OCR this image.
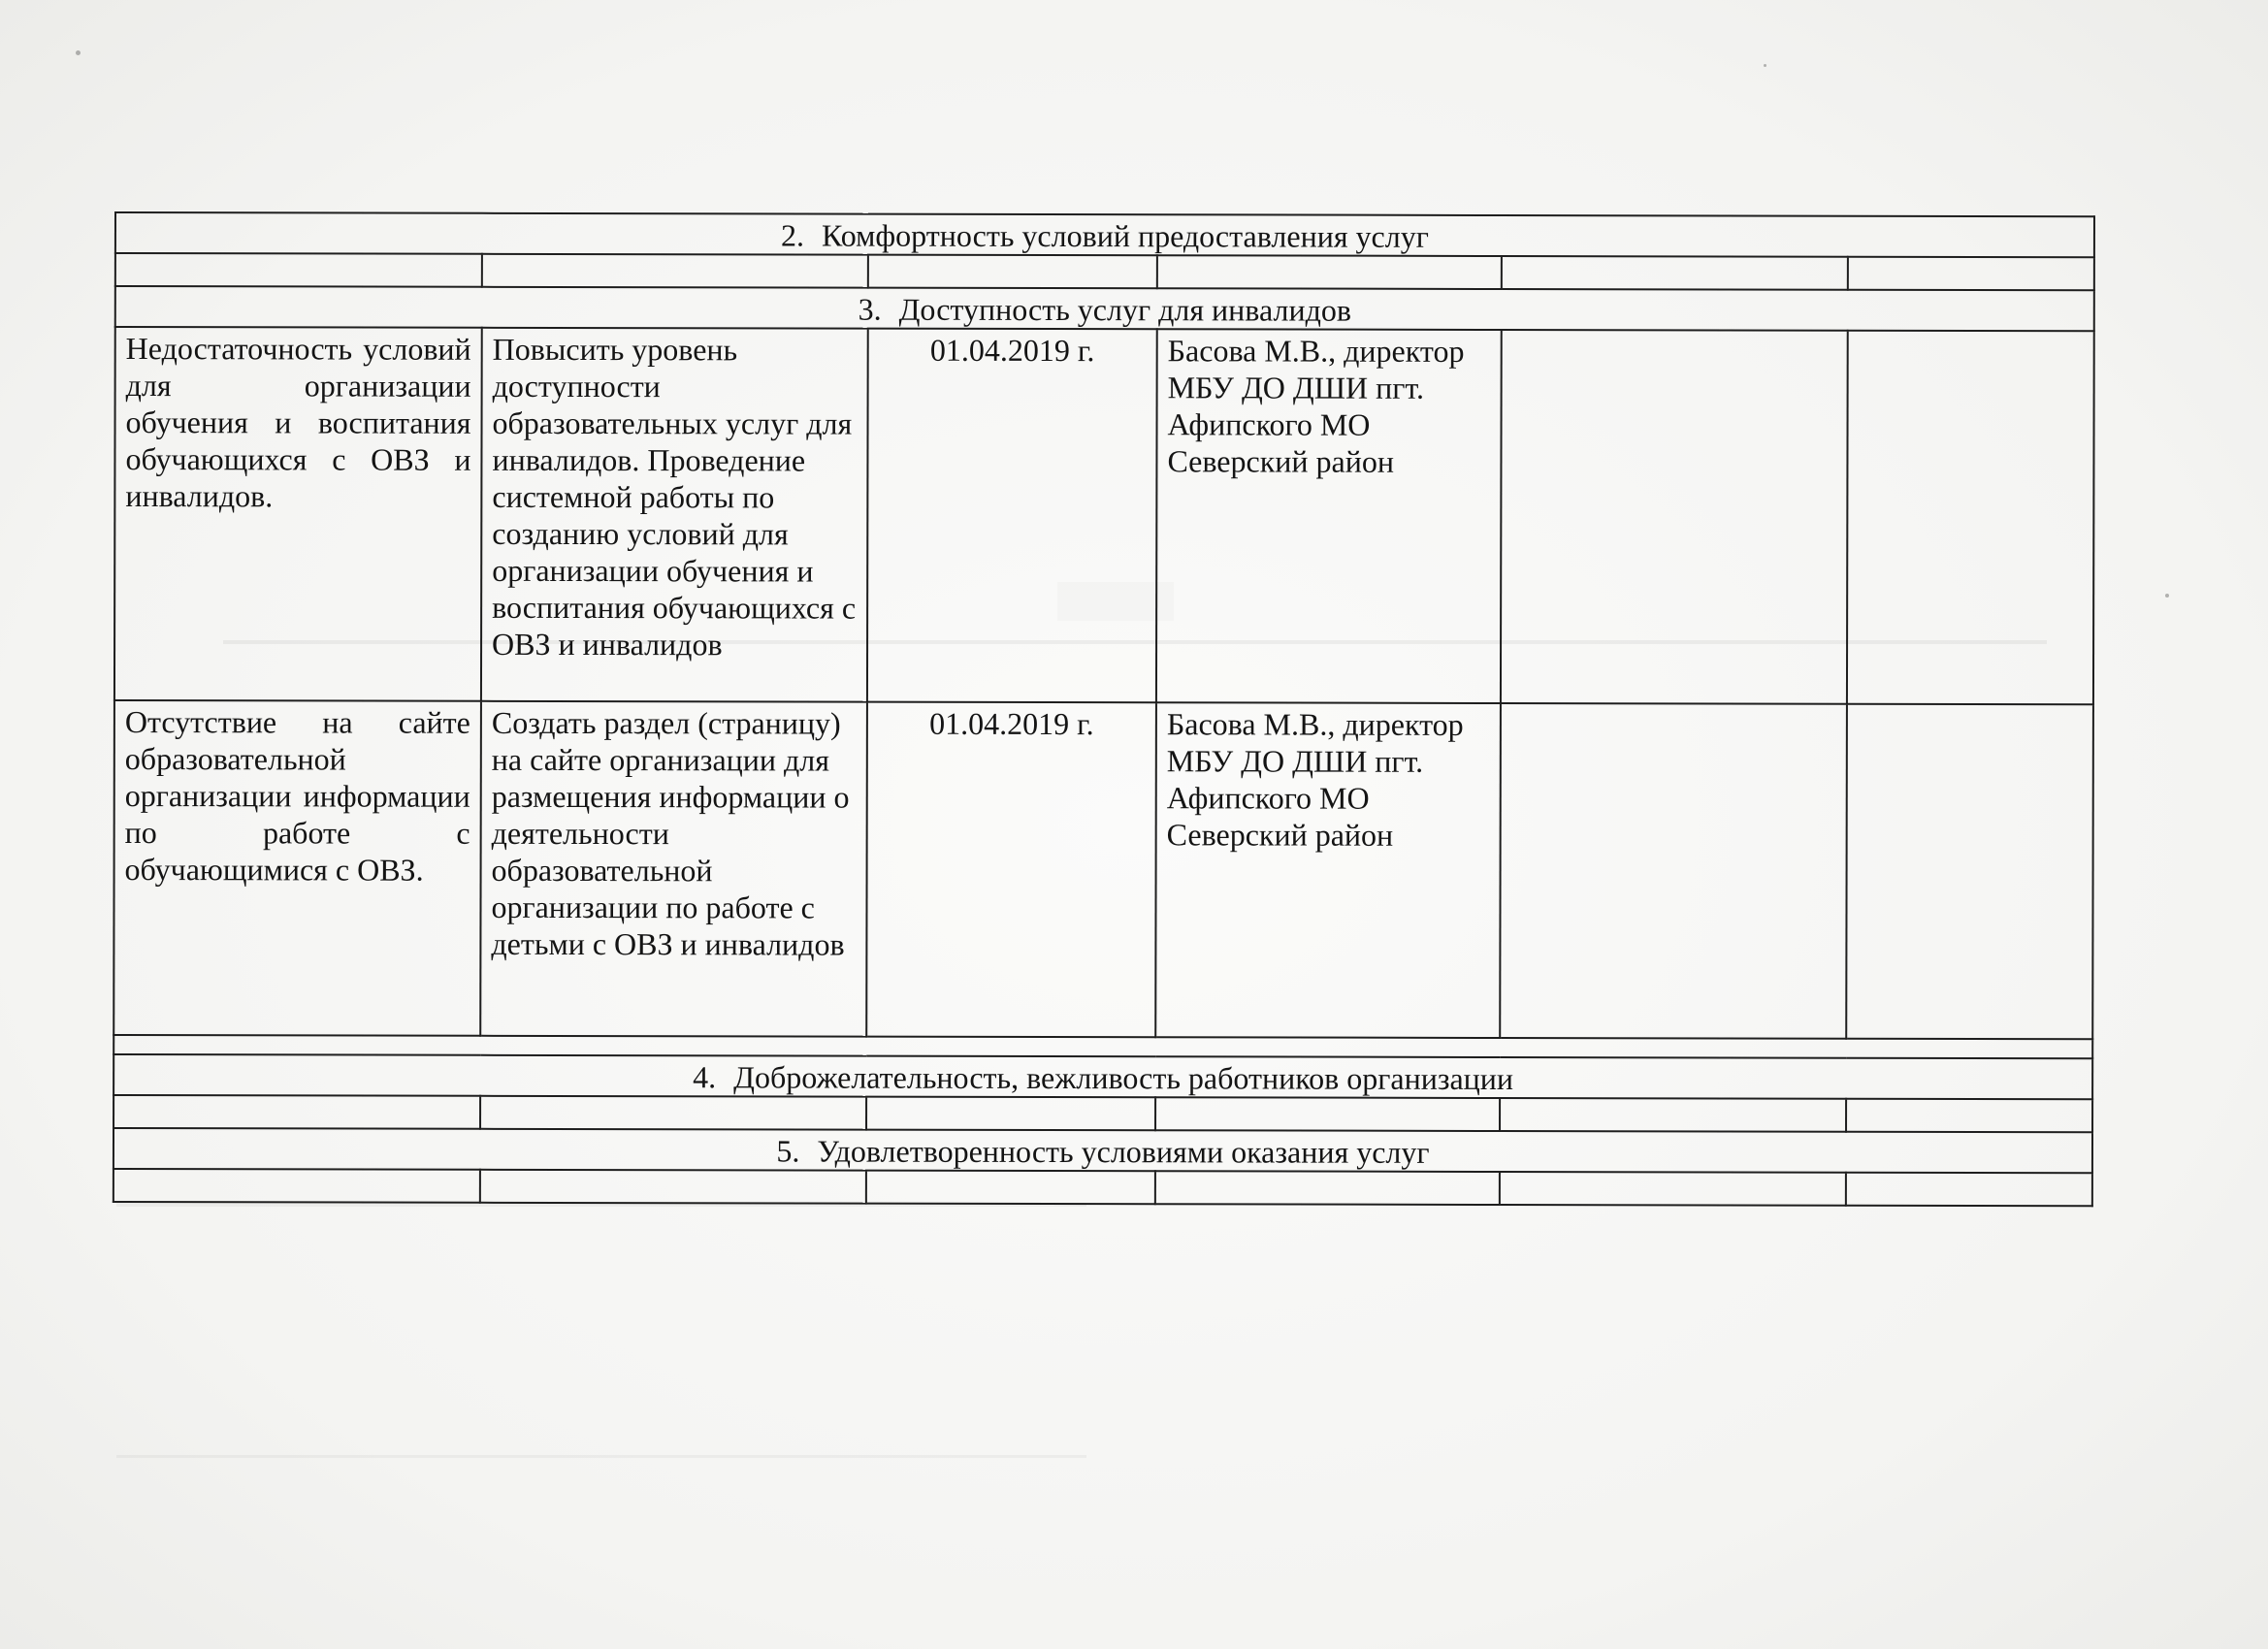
2. Комфортность условий предоставления услуг					

3. Доступность услуг для инвалидов					
Недостаточность условий для организации обучения и воспитания обучающихся с ОВЗ и инвалидов.	Повысить уровень доступности образовательных услуг для инвалидов. Проведение системной работы по созданию условий для организации обучения и воспитания обучающихся с ОВЗ и инвалидов	01.04.2019 г.	Басова М.В., директор МБУ ДО ДШИ пгт. Афипского МО Северский район		
Отсутствие на сайте образовательной организации информации по работе с обучающимися с ОВЗ.	Создать раздел (страницу) на сайте организации для размещения информации о деятельности образовательной организации по работе с детьми с ОВЗ и инвалидов	01.04.2019 г.	Басова М.В., директор МБУ ДО ДШИ пгт. Афипского МО Северский район		

4. Доброжелательность, вежливость работников организации					

5. Удовлетворенность условиями оказания услуг					
